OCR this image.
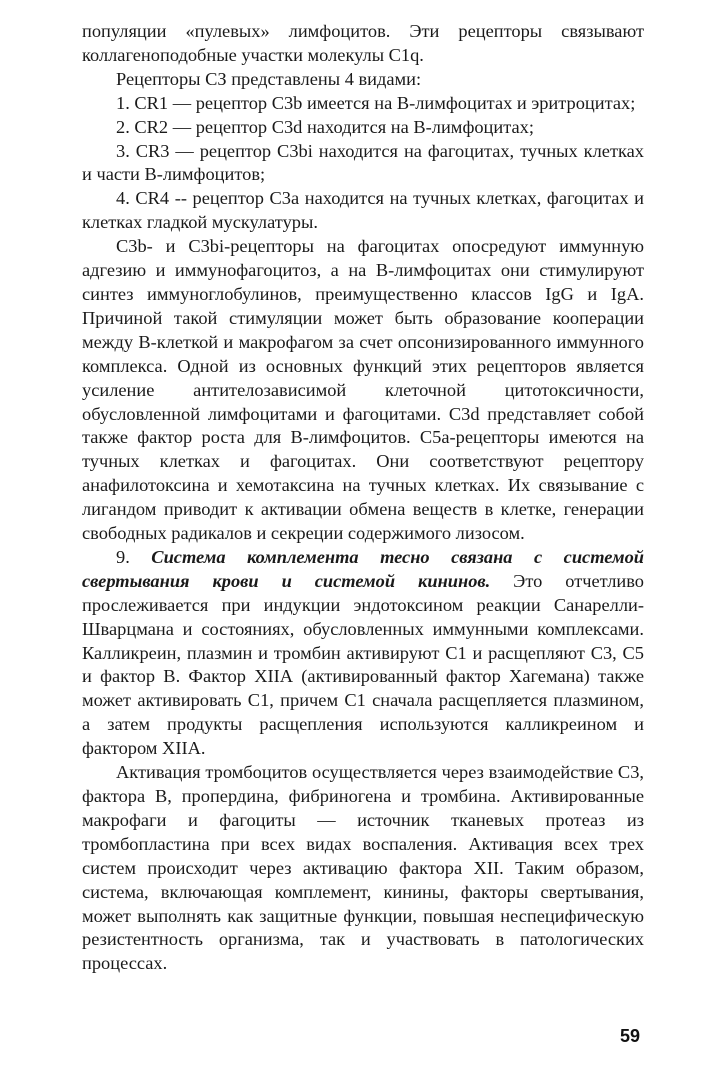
популяции «пулевых» лимфоцитов. Эти рецепторы связывают коллагеноподобные участки молекулы C1q.

Рецепторы СЗ представлены 4 видами:

1. CR1 — рецептор C3b имеется на В-лимфоцитах и эритроцитах;

2. CR2 — рецептор C3d находится на В-лимфоцитах;

3. CR3 — рецептор C3bi находится на фагоцитах, тучных клетках и части В-лимфоцитов;

4. CR4 -- рецептор C3a находится на тучных клетках, фагоцитах и клетках гладкой мускулатуры.

C3b- и C3bi-рецепторы на фагоцитах опосредуют иммунную адгезию и иммунофагоцитоз, а на В-лимфоцитах они стимулируют синтез иммуноглобулинов, преимущественно классов IgG и IgA. Причиной такой стимуляции может быть образование кооперации между В-клеткой и макрофагом за счет опсонизированного иммунного комплекса. Одной из основных функций этих рецепторов является усиление антителозависимой клеточной цитотоксичности, обусловленной лимфоцитами и фагоцитами. C3d представляет собой также фактор роста для В-лимфоцитов. C5a-рецепторы имеются на тучных клетках и фагоцитах. Они соответствуют рецептору анафилотоксина и хемотаксина на тучных клетках. Их связывание с лигандом приводит к активации обмена веществ в клетке, генерации свободных радикалов и секреции содержимого лизосом.

9. Система комплемента тесно связана с системой свертывания крови и системой кининов. Это отчетливо прослеживается при индукции эндотоксином реакции Санарелли-Шварцмана и состояниях, обусловленных иммунными комплексами. Калликреин, плазмин и тромбин активируют C1 и расщепляют C3, C5 и фактор В. Фактор XIIА (активированный фактор Хагемана) также может активировать C1, причем C1 сначала расщепляется плазмином, а затем продукты расщепления используются калликреином и фактором XIIА.

Активация тромбоцитов осуществляется через взаимодействие C3, фактора В, пропердина, фибриногена и тромбина. Активированные макрофаги и фагоциты — источник тканевых протеаз из тромбопластина при всех видах воспаления. Активация всех трех систем происходит через активацию фактора XII. Таким образом, система, включающая комплемент, кинины, факторы свертывания, может выполнять как защитные функции, повышая неспецифическую резистентность организма, так и участвовать в патологических процессах.

59
